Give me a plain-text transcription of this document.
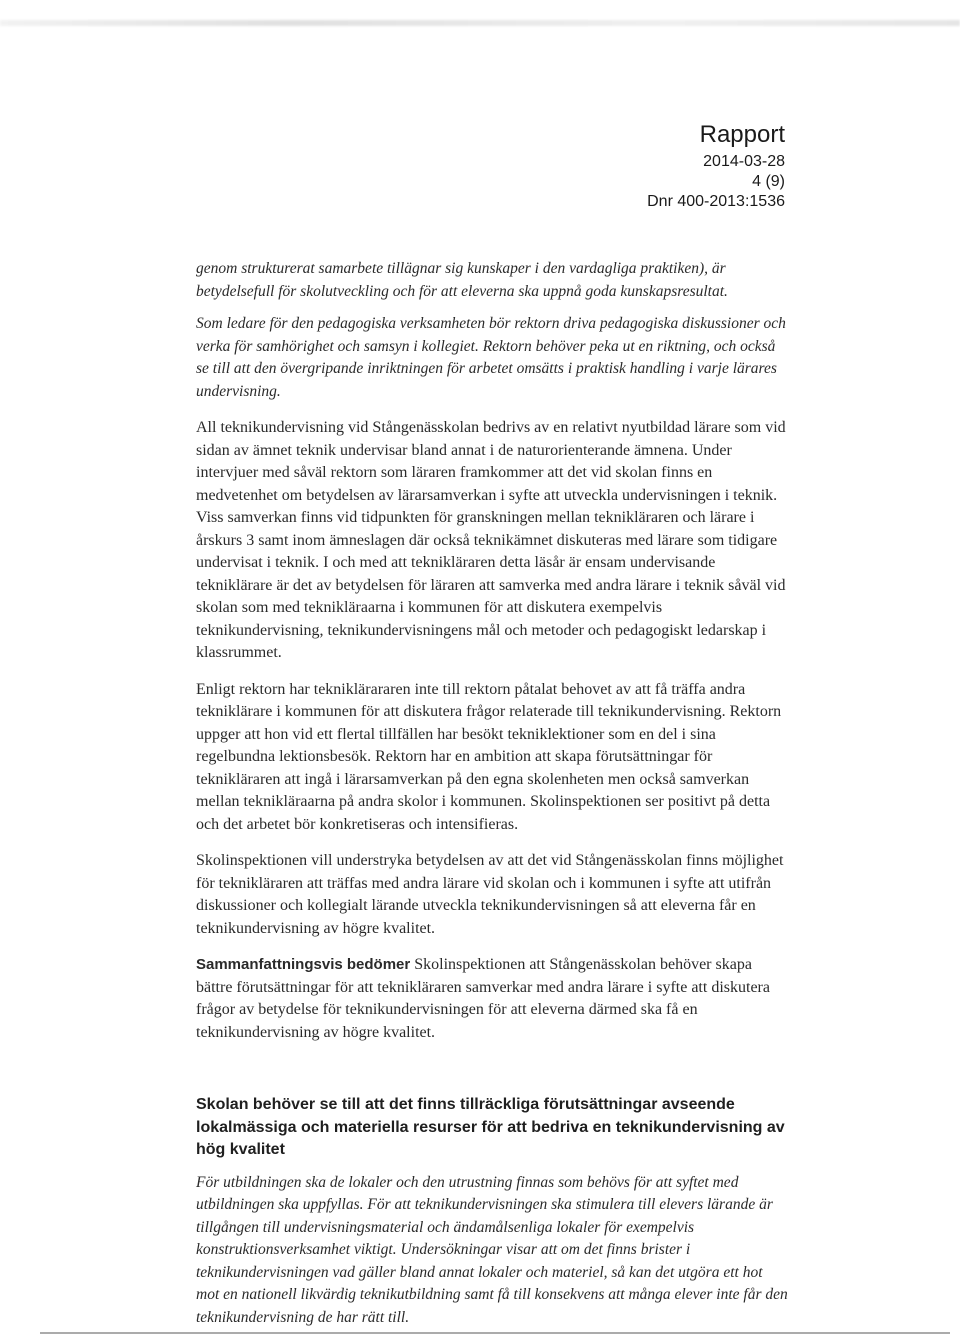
Rapport
2014-03-28
4 (9)
Dnr 400-2013:1536

genom strukturerat samarbete tillägnar sig kunskaper i den vardagliga praktiken), är betydelsefull för skolutveckling och för att eleverna ska uppnå goda kunskapsresultat.

Som ledare för den pedagogiska verksamheten bör rektorn driva pedagogiska diskussioner och verka för samhörighet och samsyn i kollegiet. Rektorn behöver peka ut en riktning, och också se till att den övergripande inriktningen för arbetet omsätts i praktisk handling i varje lärares undervisning.

All teknikundervisning vid Stångenässkolan bedrivs av en relativt nyutbildad lärare som vid sidan av ämnet teknik undervisar bland annat i de naturorienterande ämnena. Under intervjuer med såväl rektorn som läraren framkommer att det vid skolan finns en medvetenhet om betydelsen av lärarsamverkan i syfte att utveckla undervisningen i teknik. Viss samverkan finns vid tidpunkten för granskningen mellan teknikläraren och lärare i årskurs 3 samt inom ämneslagen där också teknikämnet diskuteras med lärare som tidigare undervisat i teknik. I och med att teknikläraren detta läsår är ensam undervisande tekniklärare är det av betydelsen för läraren att samverka med andra lärare i teknik såväl vid skolan som med teknikläraarna i kommunen för att diskutera exempelvis teknikundervisning, teknikundervisningens mål och metoder och pedagogiskt ledarskap i klassrummet.

Enligt rektorn har tekniklärararen inte till rektorn påtalat behovet av att få träffa andra tekniklärare i kommunen för att diskutera frågor relaterade till teknikundervisning. Rektorn uppger att hon vid ett flertal tillfällen har besökt tekniklektioner som en del i sina regelbundna lektionsbesök. Rektorn har en ambition att skapa förutsättningar för teknikläraren att ingå i lärarsamverkan på den egna skolenheten men också samverkan mellan teknikläraarna på andra skolor i kommunen. Skolinspektionen ser positivt på detta och det arbetet bör konkretiseras och intensifieras.

Skolinspektionen vill understryka betydelsen av att det vid Stångenässkolan finns möjlighet för teknikläraren att träffas med andra lärare vid skolan och i kommunen i syfte att utifrån diskussioner och kollegialt lärande utveckla teknikundervisningen så att eleverna får en teknikundervisning av högre kvalitet.

Sammanfattningsvis bedömer Skolinspektionen att Stångenässkolan behöver skapa bättre förutsättningar för att teknikläraren samverkar med andra lärare i syfte att diskutera frågor av betydelse för teknikundervisningen för att eleverna därmed ska få en teknikundervisning av högre kvalitet.

Skolan behöver se till att det finns tillräckliga förutsättningar avseende lokalmässiga och materiella resurser för att bedriva en teknikundervisning av hög kvalitet

För utbildningen ska de lokaler och den utrustning finnas som behövs för att syftet med utbildningen ska uppfyllas. För att teknikundervisningen ska stimulera till elevers lärande är tillgången till undervisningsmaterial och ändamålsenliga lokaler för exempelvis konstruktionsverksamhet viktigt. Undersökningar visar att om det finns brister i teknikundervisningen vad gäller bland annat lokaler och materiel, så kan det utgöra ett hot mot en nationell likvärdig teknikutbildning samt få till konsekvens att många elever inte får den teknikundervisning de har rätt till.
